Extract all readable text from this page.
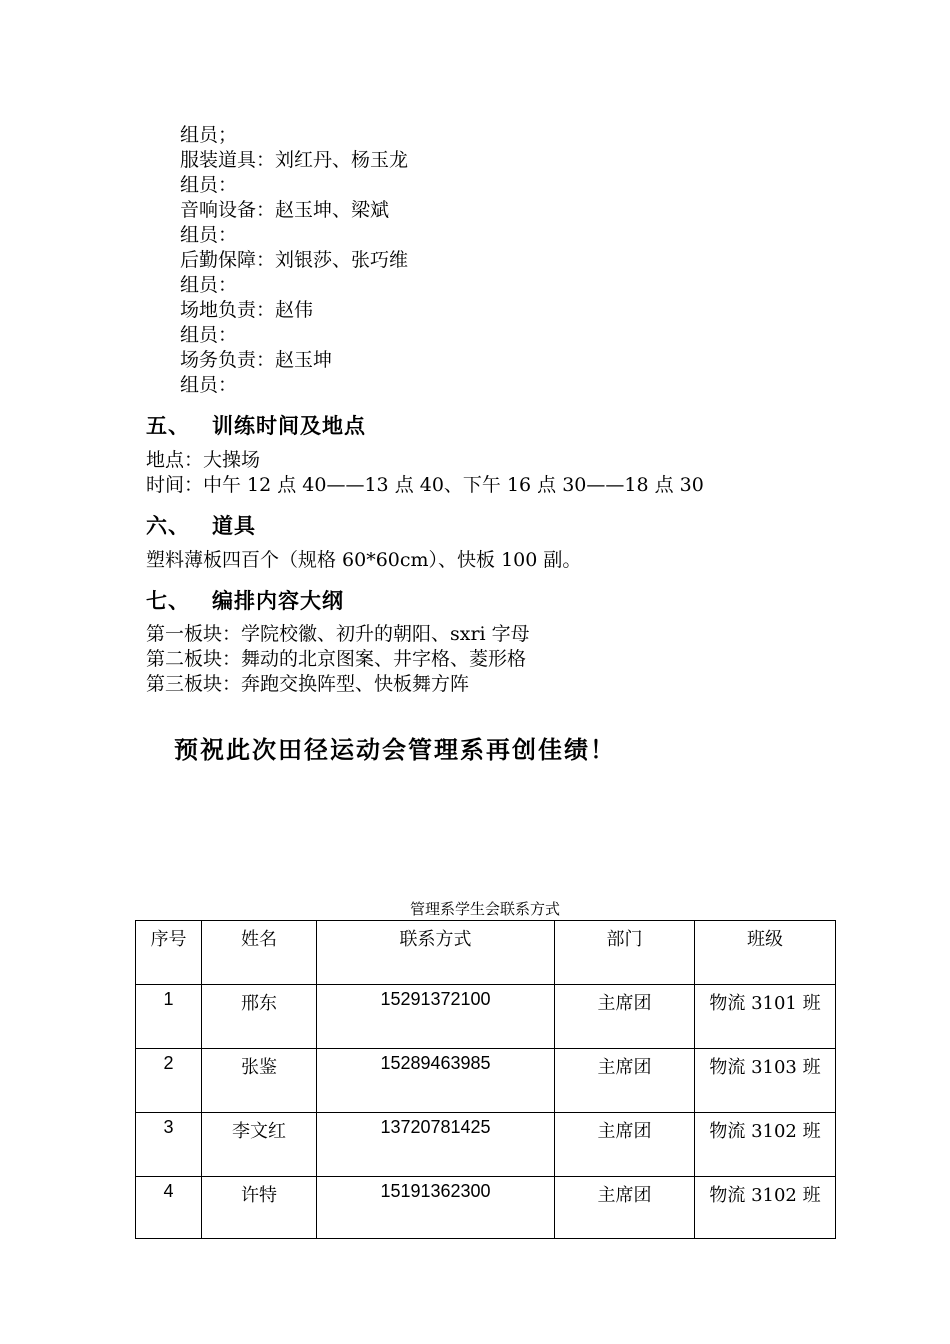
组员；
服装道具：刘红丹、杨玉龙
组员：
音响设备：赵玉坤、梁斌
组员：
后勤保障：刘银莎、张巧维
组员：
场地负责：赵伟
组员：
场务负责：赵玉坤
组员：
五、 训练时间及地点
地点：大操场
时间：中午 12 点 40——13 点 40、下午 16 点 30——18 点 30
六、 道具
塑料薄板四百个（规格 60*60cm）、快板 100 副。
七、 编排内容大纲
第一板块：学院校徽、初升的朝阳、sxri 字母
第二板块：舞动的北京图案、井字格、菱形格
第三板块：奔跑交换阵型、快板舞方阵
预祝此次田径运动会管理系再创佳绩！
管理系学生会联系方式
序号	姓名	联系方式	部门	班级
1	邢东	15291372100	主席团	物流 3101 班
2	张鉴	15289463985	主席团	物流 3103 班
3	李文红	13720781425	主席团	物流 3102 班
4	许特	15191362300	主席团	物流 3102 班
